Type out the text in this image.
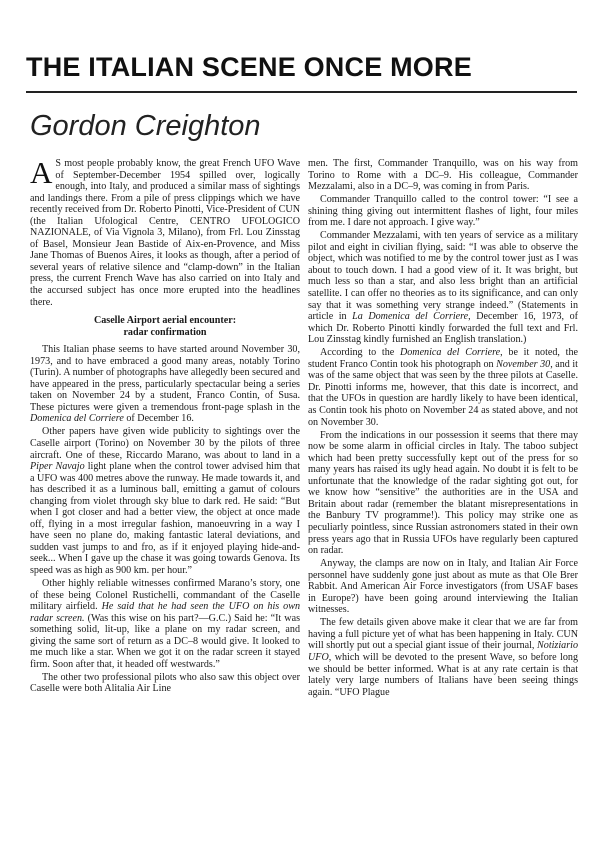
THE ITALIAN SCENE ONCE MORE
Gordon Creighton

A S most people probably know, the great French UFO Wave of September-December 1954 spilled over, logically enough, into Italy, and produced a similar mass of sightings and landings there. From a pile of press clippings which we have recently received from Dr. Roberto Pinotti, Vice-President of CUN (the Italian Ufological Centre, CENTRO UFOLOGICO NAZIONALE, of Via Vignola 3, Milano), from Frl. Lou Zinsstag of Basel, Monsieur Jean Bastide of Aix-en-Provence, and Miss Jane Thomas of Buenos Aires, it looks as though, after a period of several years of relative silence and “clamp-down” in the Italian press, the current French Wave has also carried on into Italy and the accursed subject has once more erupted into the headlines there.

Caselle Airport aerial encounter:
radar confirmation

This Italian phase seems to have started around November 30, 1973, and to have embraced a good many areas, notably Torino (Turin). A number of photographs have allegedly been secured and have appeared in the press, particularly spectacular being a series taken on November 24 by a student, Franco Contin, of Susa. These pictures were given a tremendous front-page splash in the Domenica del Corriere of December 16.

Other papers have given wide publicity to sightings over the Caselle airport (Torino) on November 30 by the pilots of three aircraft. One of these, Riccardo Marano, was about to land in a Piper Navajo light plane when the control tower advised him that a UFO was 400 metres above the runway. He made towards it, and has described it as a luminous ball, emitting a gamut of colours changing from violet through sky blue to dark red. He said: “But when I got closer and had a better view, the object at once made off, flying in a most irregular fashion, manoeuvring in a way I have seen no plane do, making fantastic lateral deviations, and sudden vast jumps to and fro, as if it enjoyed playing hide-and-seek... When I gave up the chase it was going towards Genova. Its speed was as high as 900 km. per hour.”

Other highly reliable witnesses confirmed Marano’s story, one of these being Colonel Rustichelli, commandant of the Caselle military airfield. He said that he had seen the UFO on his own radar screen. (Was this wise on his part?—G.C.) Said he: “It was something solid, lit-up, like a plane on my radar screen, and giving the same sort of return as a DC–8 would give. It looked to me much like a star. When we got it on the radar screen it stayed firm. Soon after that, it headed off westwards.”

The other two professional pilots who also saw this object over Caselle were both Alitalia Air Line

men. The first, Commander Tranquillo, was on his way from Torino to Rome with a DC–9. His colleague, Commander Mezzalami, also in a DC–9, was coming in from Paris.

Commander Tranquillo called to the control tower: “I see a shining thing giving out intermittent flashes of light, four miles from me. I dare not approach. I give way.”

Commander Mezzalami, with ten years of service as a military pilot and eight in civilian flying, said: “I was able to observe the object, which was notified to me by the control tower just as I was about to touch down. I had a good view of it. It was bright, but much less so than a star, and also less bright than an artificial satellite. I can offer no theories as to its significance, and can only say that it was something very strange indeed.” (Statements in article in La Domenica del Corriere, December 16, 1973, of which Dr. Roberto Pinotti kindly forwarded the full text and Frl. Lou Zinsstag kindly furnished an English translation.)

According to the Domenica del Corriere, be it noted, the student Franco Contin took his photograph on November 30, and it was of the same object that was seen by the three pilots at Caselle. Dr. Pinotti informs me, however, that this date is incorrect, and that the UFOs in question are hardly likely to have been identical, as Contin took his photo on November 24 as stated above, and not on November 30.

From the indications in our possession it seems that there may now be some alarm in official circles in Italy. The taboo subject which had been pretty successfully kept out of the press for so many years has raised its ugly head again. No doubt it is felt to be unfortunate that the knowledge of the radar sighting got out, for we know how “sensitive” the authorities are in the USA and Britain about radar (remember the blatant misrepresentations in the Banbury TV programme!). This policy may strike one as peculiarly pointless, since Russian astronomers stated in their own press years ago that in Russia UFOs have regularly been captured on radar.

Anyway, the clamps are now on in Italy, and Italian Air Force personnel have suddenly gone just about as mute as that Ole Brer Rabbit. And American Air Force investigators (from USAF bases in Europe?) have been going around interviewing the Italian witnesses.

The few details given above make it clear that we are far from having a full picture yet of what has been happening in Italy. CUN will shortly put out a special giant issue of their journal, Notiziario UFO, which will be devoted to the present Wave, so before long we should be better informed. What is at any rate certain is that lately very large numbers of Italians have been seeing things again. “UFO Plague
